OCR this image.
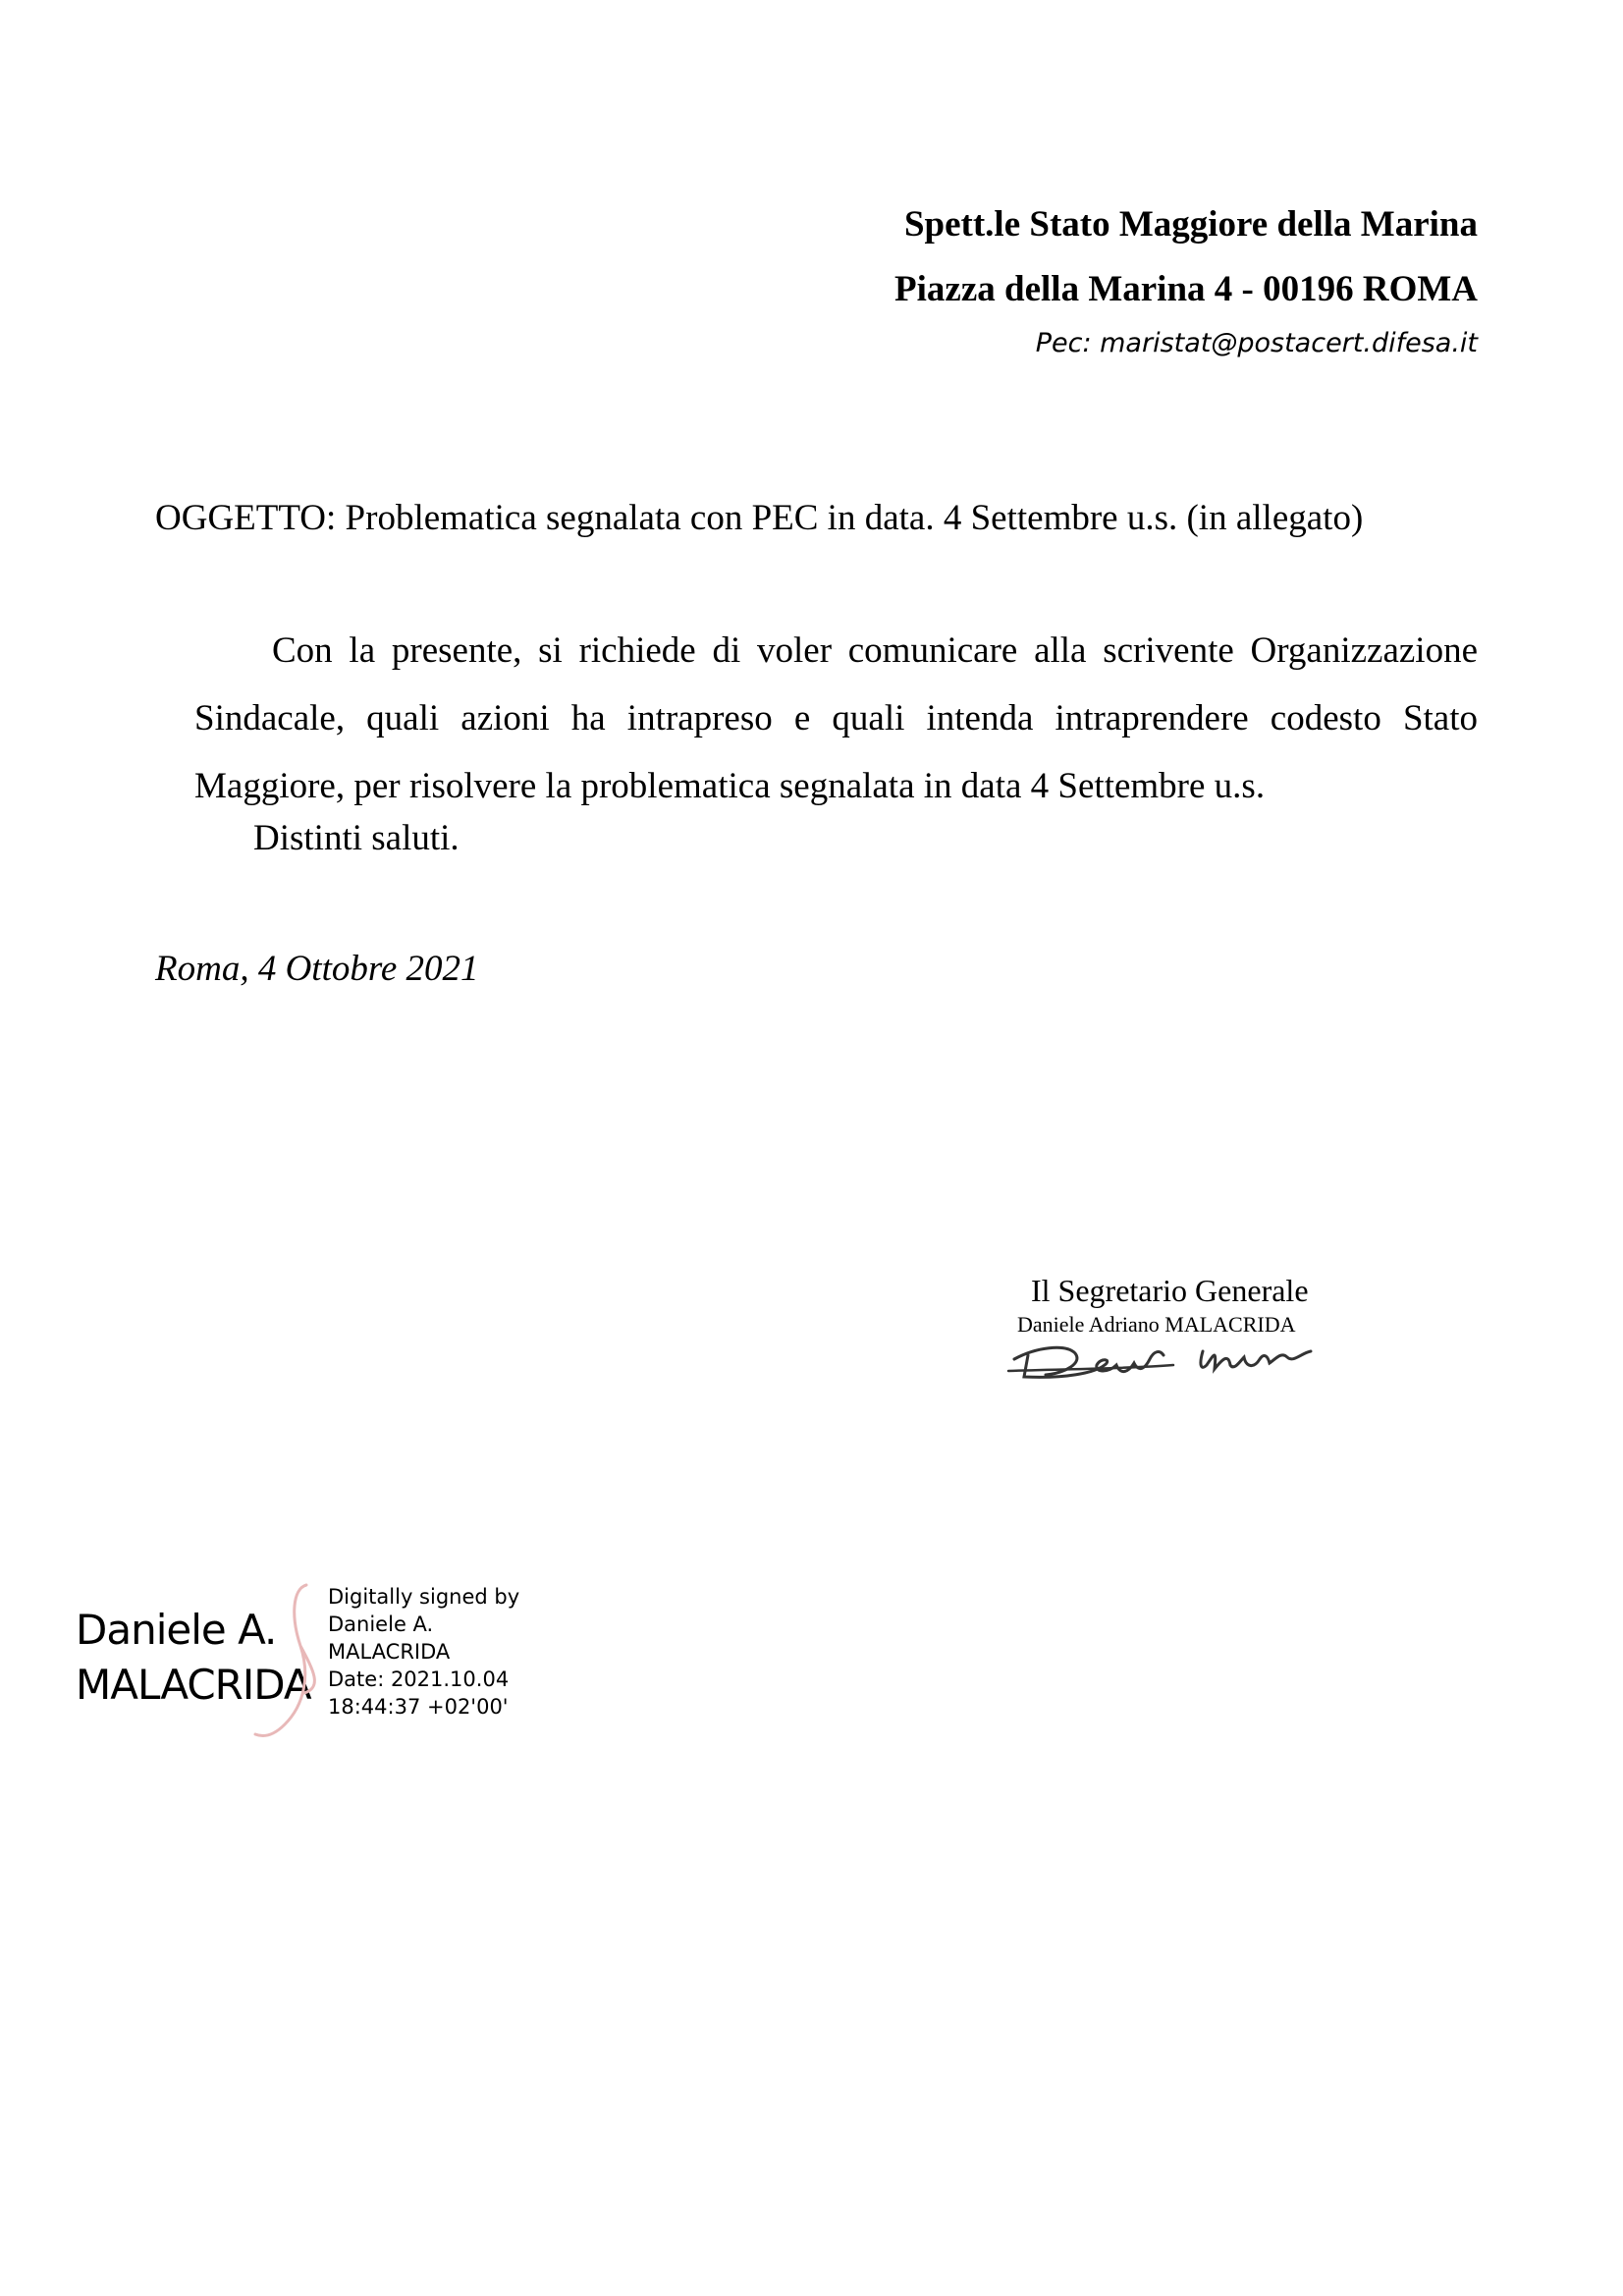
Spett.le Stato Maggiore della Marina
Piazza della Marina 4 - 00196 ROMA
Pec: maristat@postacert.difesa.it
OGGETTO: Problematica segnalata con PEC in data. 4 Settembre u.s. (in allegato)

Con la presente, si richiede di voler comunicare alla scrivente Organizzazione Sindacale, quali azioni ha intrapreso e quali intenda intraprendere codesto Stato Maggiore, per risolvere la problematica segnalata in data 4 Settembre u.s.

Distinti saluti.
Roma, 4 Ottobre 2021
Il Segretario Generale
Daniele Adriano MALACRIDA
Daniele A.
MALACRIDA
Digitally signed by
Daniele A.
MALACRIDA
Date: 2021.10.04
18:44:37 +02'00'
